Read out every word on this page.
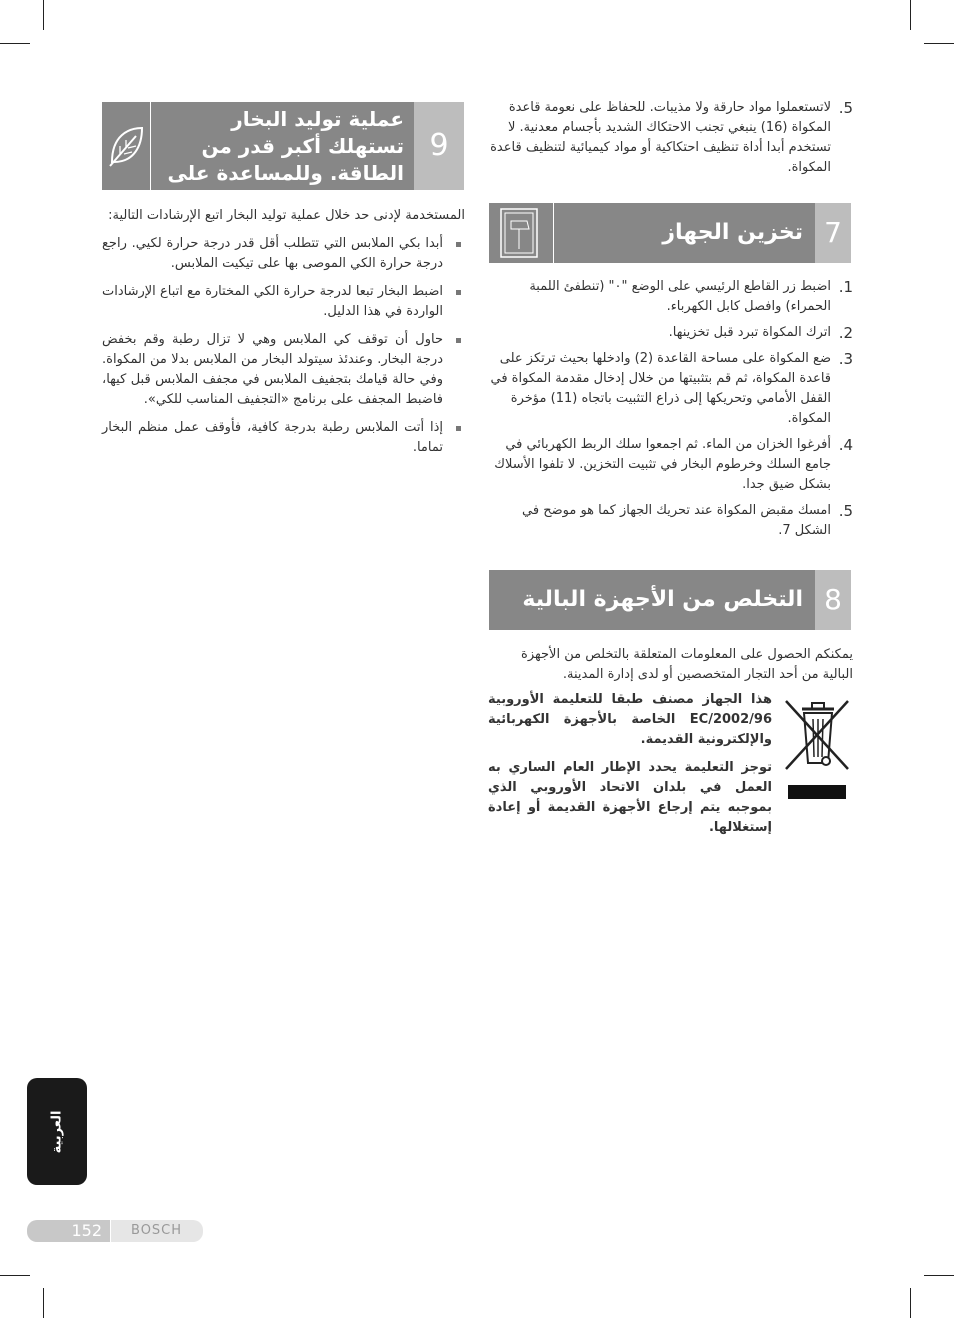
.5
لاتستعملوا مواد حارقة ولا مذيبات. للحفاظ على نعومة قاعدة المكواة (16) ينبغي تجنب الاحتكاك الشديد بأجسام معدنية. لا تستخدم أبدا أداة تنظيف احتكاكية أو مواد كيميائية لتنظيف قاعدة المكواة.
7
تخزين الجهاز
.1
اضبط زر القاطع الرئيسي على الوضع "٠" (تنطفئ اللمبة الحمراء) وافصل كابل الكهرباء.
.2
اترك المكواة تبرد قبل تخزينها.
.3
ضع المكواة على مساحة القاعدة (2) وادخلها بحيث ترتكز على قاعدة المكواة، ثم قم بتثبيتها من خلال إدخال مقدمة المكواة في القفل الأمامي وتحريكها إلى ذراع التثبيت باتجاه (11) مؤخرة المكواة.
.4
أفرغوا الخزان من الماء. ثم اجمعوا سلك الربط الكهربائي في جامع السلك وخرطوم البخار في تثبيت التخزين. لا تلفوا الأسلاك بشكل ضيق جدا.
.5
امسك مقبض المكواة عند تحريك الجهاز كما هو موضح في الشكل 7.
8
التخلص من الأجهزة البالية

يمكنكم الحصول على المعلومات المتعلقة بالتخلص من الأجهزة البالية من أحد التجار المتخصصين أو لدى إدارة المدينة.

هذا الجهاز مصنف طبقا للتعليمة الأوروبية EC/2002/96 الخاصة بالأجهزة الكهربائية والإلكترونية القديمة.

توجز التعليمة يحدد الإطار العام الساري به العمل في بلدان الاتحاد الأوروبي الذي بموجبه يتم إرجاع الأجهزة القديمة أو إعادة إستغلالها.

9
عملية توليد البخار تستهلك أكبر قدر من الطاقة. وللمساعدة على خفض الطاقة

المستخدمة لإدنى حد خلال عملية توليد البخار اتبع الإرشادات التالية:

أبدا بكي الملابس التي تتطلب أقل قدر درجة حرارة لكيي. راجع درجة حرارة الكي الموصى بها على تيكيت الملابس.
اضبط البخار تبعا لدرجة حرارة الكي المختارة مع اتباع الإرشادات الواردة في هذا الدليل.
حاول أن توقف كي الملابس وهي لا تزال رطبة وقم بخفض درجة البخار. وعندئذ سيتولد البخار من الملابس بدلا من المكواة. وفي حالة قيامك بتجفيف الملابس في مجفف الملابس قبل كيها، فاضبط المجفف على برنامج «التجفيف المناسب للكي».
إذا أتت الملابس رطبة بدرجة كافية، فأوقف عمل منظم البخار تماما.
العربية
152 BOSCH
